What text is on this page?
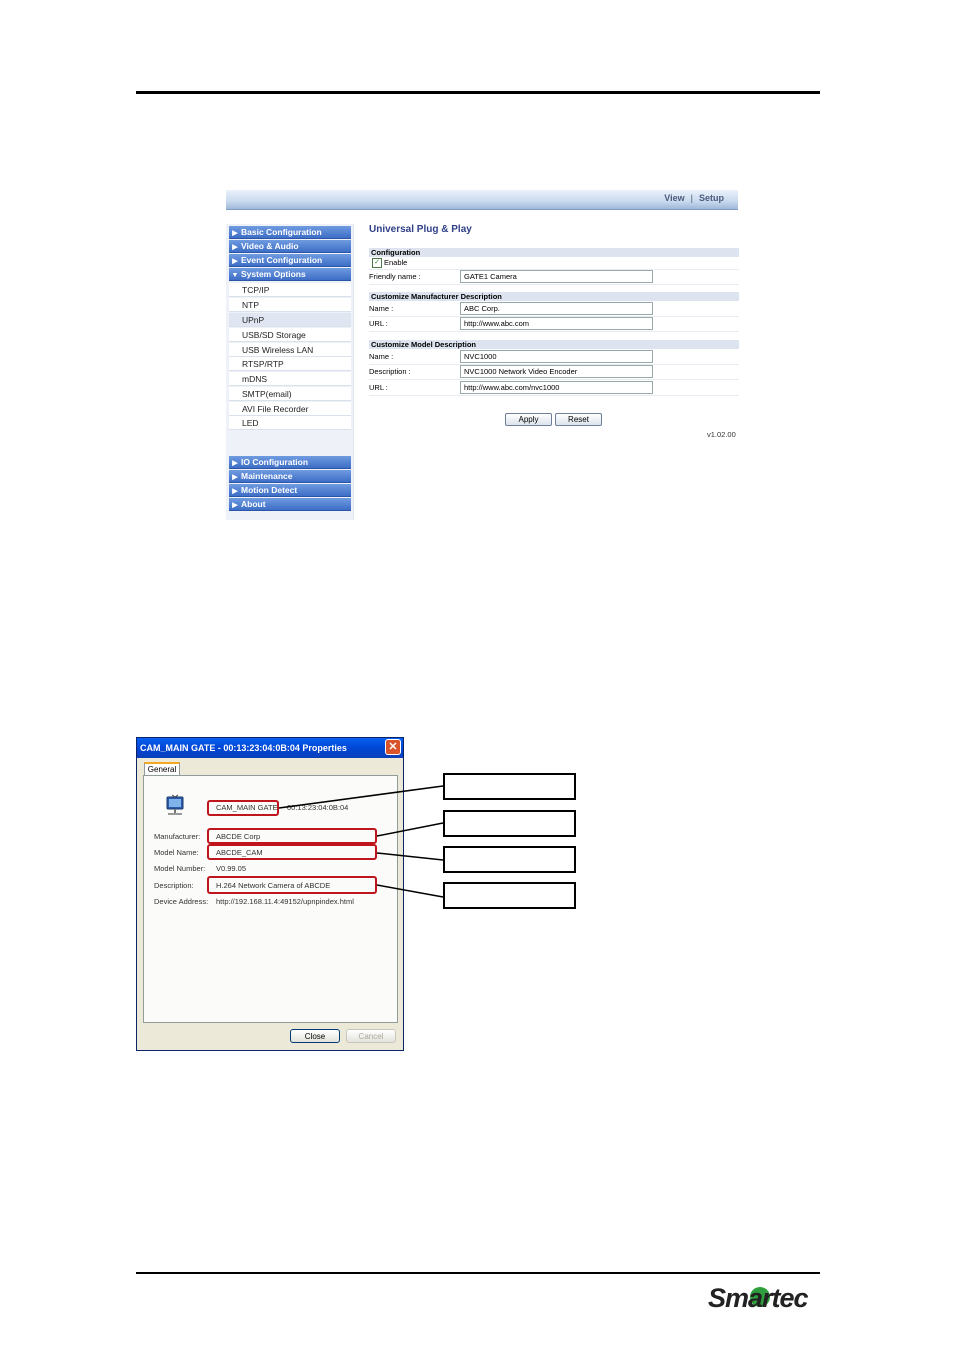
View | Setup
▶ Basic Configuration
▶ Video & Audio
▶ Event Configuration
▼ System Options
TCP/IP
NTP
UPnP
USB/SD Storage
USB Wireless LAN
RTSP/RTP
mDNS
SMTP(email)
AVI File Recorder
LED
▶ IO Configuration
▶ Maintenance
▶ Motion Detect
▶ About
Universal Plug & Play
Configuration
✓ Enable
Friendly name :
GATE1 Camera
Customize Manufacturer Description
Name :
ABC Corp.
URL :
http://www.abc.com
Customize Model Description
Name :
NVC1000
Description :
NVC1000 Network Video Encoder
URL :
http://www.abc.com/nvc1000
Apply	Reset
v1.02.00
CAM_MAIN GATE - 00:13:23:04:0B:04 Properties	✕
General
CAM_MAIN GATE 00:13:23:04:0B:04
Manufacturer: ABCDE Corp
Model Name: ABCDE_CAM
Model Number: V0.99.05
Description:	H.264 Network Camera of ABCDE
Device Address: http://192.168.11.4:49152/upnpindex.html
Close	Cancel
Smartec
